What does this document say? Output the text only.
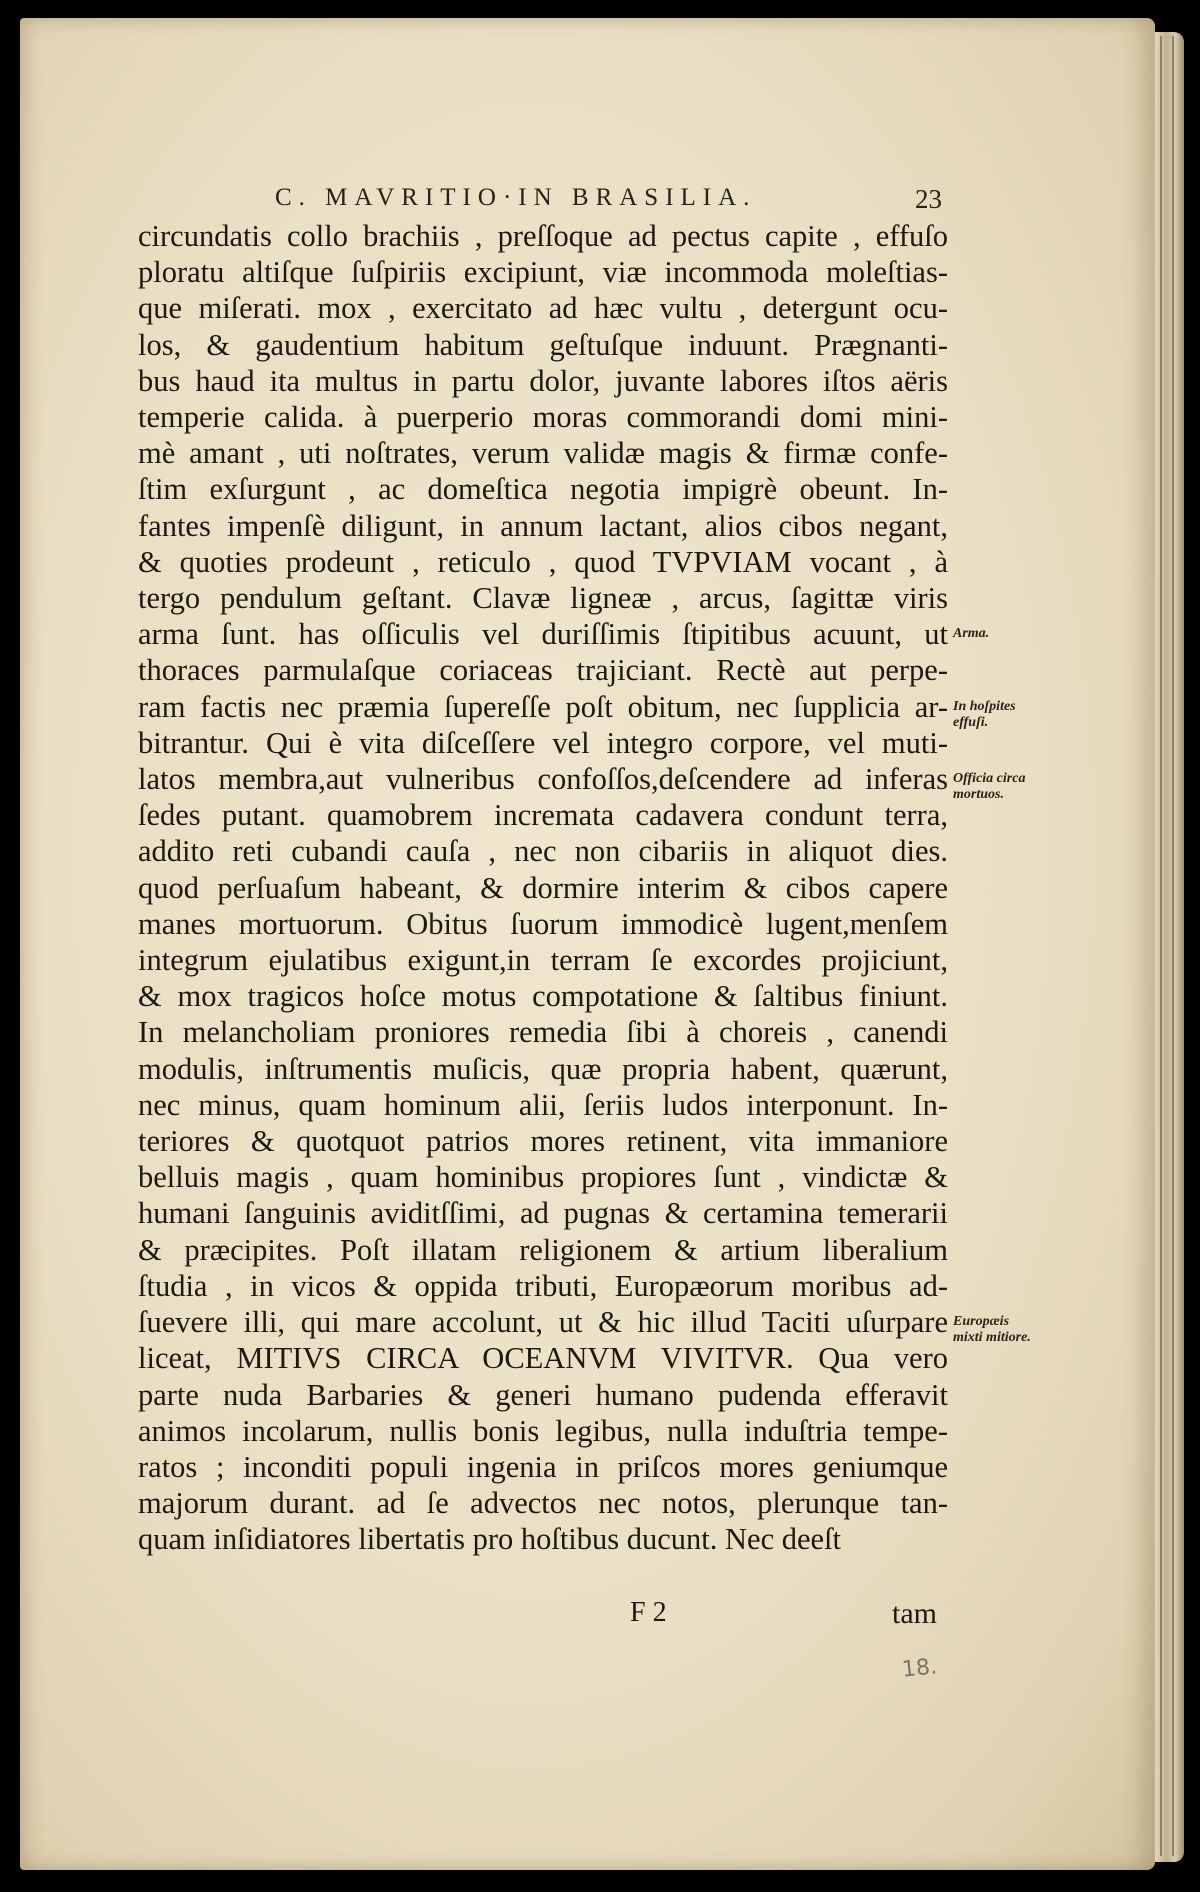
C. MAVRITIO·IN BRASILIA.	23
circundatis collo brachiis , preſſoque ad pectus capite , effuſo
ploratu altiſque ſuſpiriis excipiunt, viæ incommoda moleſtias-
que miſerati. mox , exercitato ad hæc vultu , detergunt ocu-
los, & gaudentium habitum geſtuſque induunt. Prægnanti-
bus haud ita multus in partu dolor, juvante labores iſtos aëris
temperie calida. à puerperio moras commorandi domi mini-
mè amant , uti noſtrates, verum validæ magis & firmæ confe-
ſtim exſurgunt , ac domeſtica negotia impigrè obeunt. In-
fantes impenſè diligunt, in annum lactant, alios cibos negant,
& quoties prodeunt , reticulo , quod TVPVIAM vocant , à
tergo pendulum geſtant. Clavæ ligneæ , arcus, ſagittæ viris
arma ſunt. has oſſiculis vel duriſſimis ſtipitibus acuunt, ut
thoraces parmulaſque coriaceas trajiciant. Rectè aut perpe-
ram factis nec præmia ſupereſſe poſt obitum, nec ſupplicia ar-
bitrantur. Qui è vita diſceſſere vel integro corpore, vel muti-
latos membra,aut vulneribus confoſſos,deſcendere ad inferas
ſedes putant. quamobrem incremata cadavera condunt terra,
addito reti cubandi cauſa , nec non cibariis in aliquot dies.
quod perſuaſum habeant, & dormire interim & cibos capere
manes mortuorum. Obitus ſuorum immodicè lugent,menſem
integrum ejulatibus exigunt,in terram ſe excordes projiciunt,
& mox tragicos hoſce motus compotatione & ſaltibus finiunt.
In melancholiam proniores remedia ſibi à choreis , canendi
modulis, inſtrumentis muſicis, quæ propria habent, quærunt,
nec minus, quam hominum alii, ſeriis ludos interponunt. In-
teriores & quotquot patrios mores retinent, vita immaniore
belluis magis , quam hominibus propiores ſunt , vindictæ &
humani ſanguinis aviditſſimi, ad pugnas & certamina temerarii
& præcipites. Poſt illatam religionem & artium liberalium
ſtudia , in vicos & oppida tributi, Europæorum moribus ad-
ſuevere illi, qui mare accolunt, ut & hic illud Taciti uſurpare
liceat, MITIVS CIRCA OCEANVM VIVITVR. Qua vero
parte nuda Barbaries & generi humano pudenda efferavit
animos incolarum, nullis bonis legibus, nulla induſtria tempe-
ratos ; inconditi populi ingenia in priſcos mores geniumque
majorum durant. ad ſe advectos nec notos, plerunque tan-
quam inſidiatores libertatis pro hoſtibus ducunt. Nec deeſt
Arma.
In hoſpites effuſi.
Officia circa mortuos.
Europæis mixti mitiore.
F 2	tam
18.
